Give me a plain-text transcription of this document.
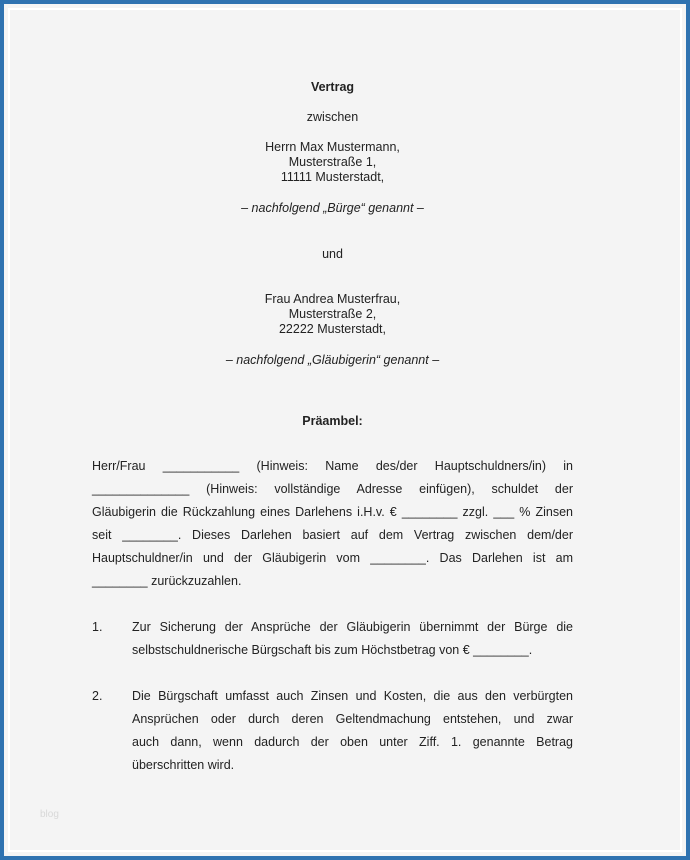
Vertrag
zwischen
Herrn Max Mustermann,
Musterstraße 1,
11111 Musterstadt,
– nachfolgend „Bürge“ genannt –
und
Frau Andrea Musterfrau,
Musterstraße 2,
22222 Musterstadt,
– nachfolgend „Gläubigerin“ genannt –
Präambel:
Herr/Frau ___________ (Hinweis: Name des/der Hauptschuldners/in) in
______________ (Hinweis: vollständige Adresse einfügen), schuldet der
Gläubigerin die Rückzahlung eines Darlehens i.H.v. € ________ zzgl. ___ % Zinsen
seit ________. Dieses Darlehen basiert auf dem Vertrag zwischen dem/der
Hauptschuldner/in und der Gläubigerin vom ________. Das Darlehen ist am
________ zurückzuzahlen.
1.	Zur Sicherung der Ansprüche der Gläubigerin übernimmt der Bürge die
selbstschuldnerische Bürgschaft bis zum Höchstbetrag von € ________.
2.	Die Bürgschaft umfasst auch Zinsen und Kosten, die aus den verbürgten
Ansprüchen oder durch deren Geltendmachung entstehen, und zwar
auch dann, wenn dadurch der oben unter Ziff. 1. genannte Betrag
überschritten wird.
blog
